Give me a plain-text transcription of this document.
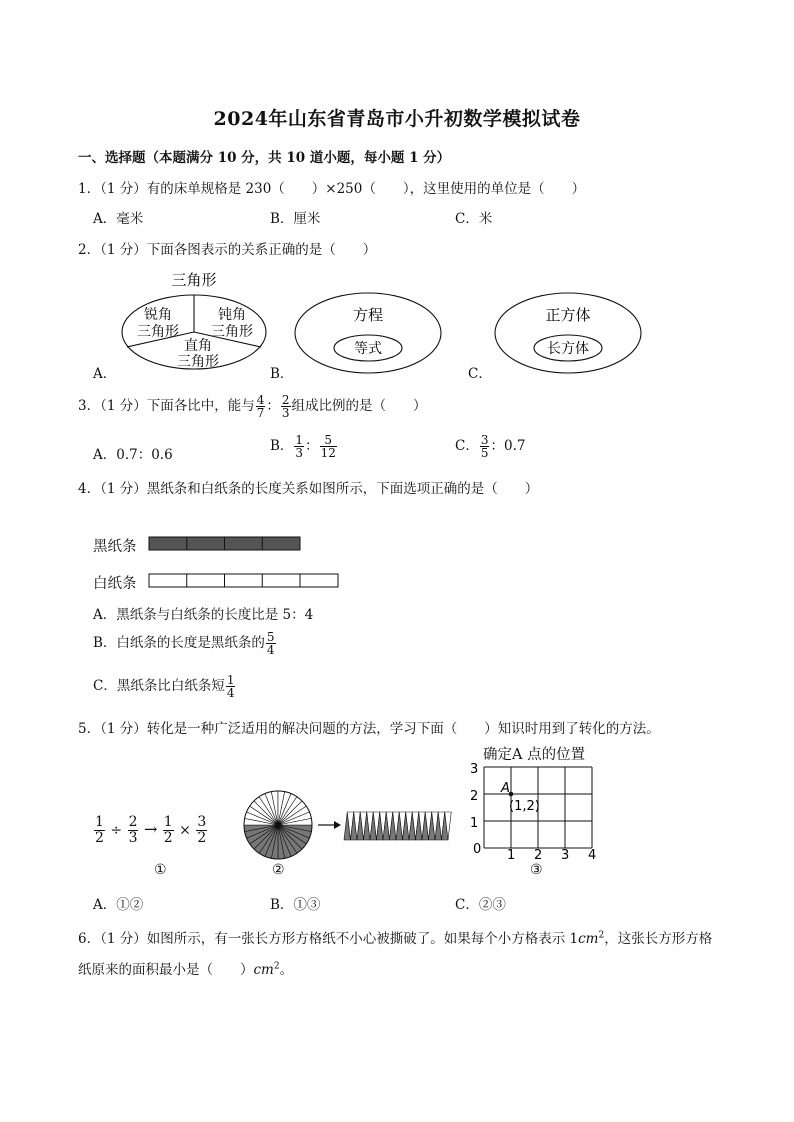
2024年山东省青岛市小升初数学模拟试卷
一、选择题（本题满分 10 分，共 10 道小题，每小题 1 分）
1．（1 分）有的床单规格是 230（　　）×250（　　），这里使用的单位是（　　）
A．毫米	B．厘米	C．米
2．（1 分）下面各图表示的关系正确的是（　　）
三角形
锐角
三角形
钝角
三角形
直角
三角形
A．
方程
等式
B．
正方体
长方体
C．
3．（1 分）下面各比中，能与 $\frac{4}{7}$ ： $\frac{2}{3}$ 组成比例的是（　　）
A．0.7：0.6
B． $\frac{1}{3}$ ： $\frac{5}{12}$	C． $\frac{3}{5}$ ：0.7
4．（1 分）黑纸条和白纸条的长度关系如图所示，下面选项正确的是（　　）
黑纸条
白纸条
A．黑纸条与白纸条的长度比是 5：4
B．白纸条的长度是黑纸条的 $\frac{5}{4}$
C．黑纸条比白纸条短 $\frac{1}{4}$
5．（1 分）转化是一种广泛适用的解决问题的方法，学习下面（　　）知识时用到了转化的方法。
$\frac{1}{2} \div \frac{2}{3} \to \frac{1}{2} \times \frac{3}{2}$
①	②
确定A 点的位置
3
2
1
0 1 2 3 4
A
(1,2)
③
A．①②	B．①③	C．②③
6．（1 分）如图所示，有一张长方形方格纸不小心被撕破了。如果每个小方格表示 $1cm^2$，这张长方形方格
纸原来的面积最小是（　　）$cm^2$。
